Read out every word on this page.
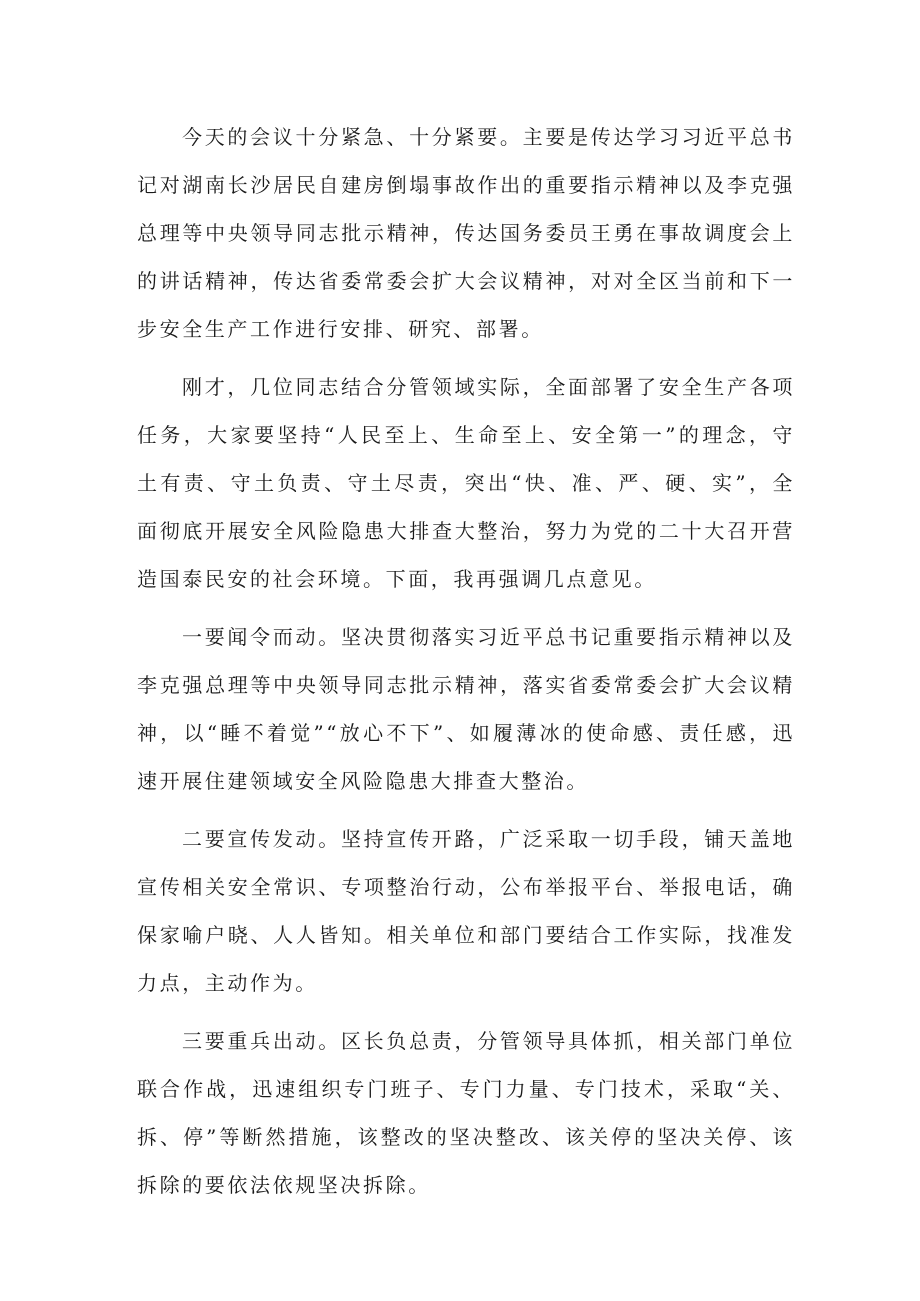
今天的会议十分紧急、十分紧要。主要是传达学习习近平总书记对湖南长沙居民自建房倒塌事故作出的重要指示精神以及李克强总理等中央领导同志批示精神，传达国务委员王勇在事故调度会上的讲话精神，传达省委常委会扩大会议精神，对对全区当前和下一步安全生产工作进行安排、研究、部署。

刚才，几位同志结合分管领域实际，全面部署了安全生产各项任务，大家要坚持“人民至上、生命至上、安全第一”的理念，守土有责、守土负责、守土尽责，突出“快、准、严、硬、实”，全面彻底开展安全风险隐患大排查大整治，努力为党的二十大召开营造国泰民安的社会环境。下面，我再强调几点意见。

一要闻令而动。坚决贯彻落实习近平总书记重要指示精神以及李克强总理等中央领导同志批示精神，落实省委常委会扩大会议精神，以“睡不着觉”“放心不下”、如履薄冰的使命感、责任感，迅速开展住建领域安全风险隐患大排查大整治。

二要宣传发动。坚持宣传开路，广泛采取一切手段，铺天盖地宣传相关安全常识、专项整治行动，公布举报平台、举报电话，确保家喻户晓、人人皆知。相关单位和部门要结合工作实际，找准发力点，主动作为。

三要重兵出动。区长负总责，分管领导具体抓，相关部门单位联合作战，迅速组织专门班子、专门力量、专门技术，采取“关、拆、停”等断然措施，该整改的坚决整改、该关停的坚决关停、该拆除的要依法依规坚决拆除。
